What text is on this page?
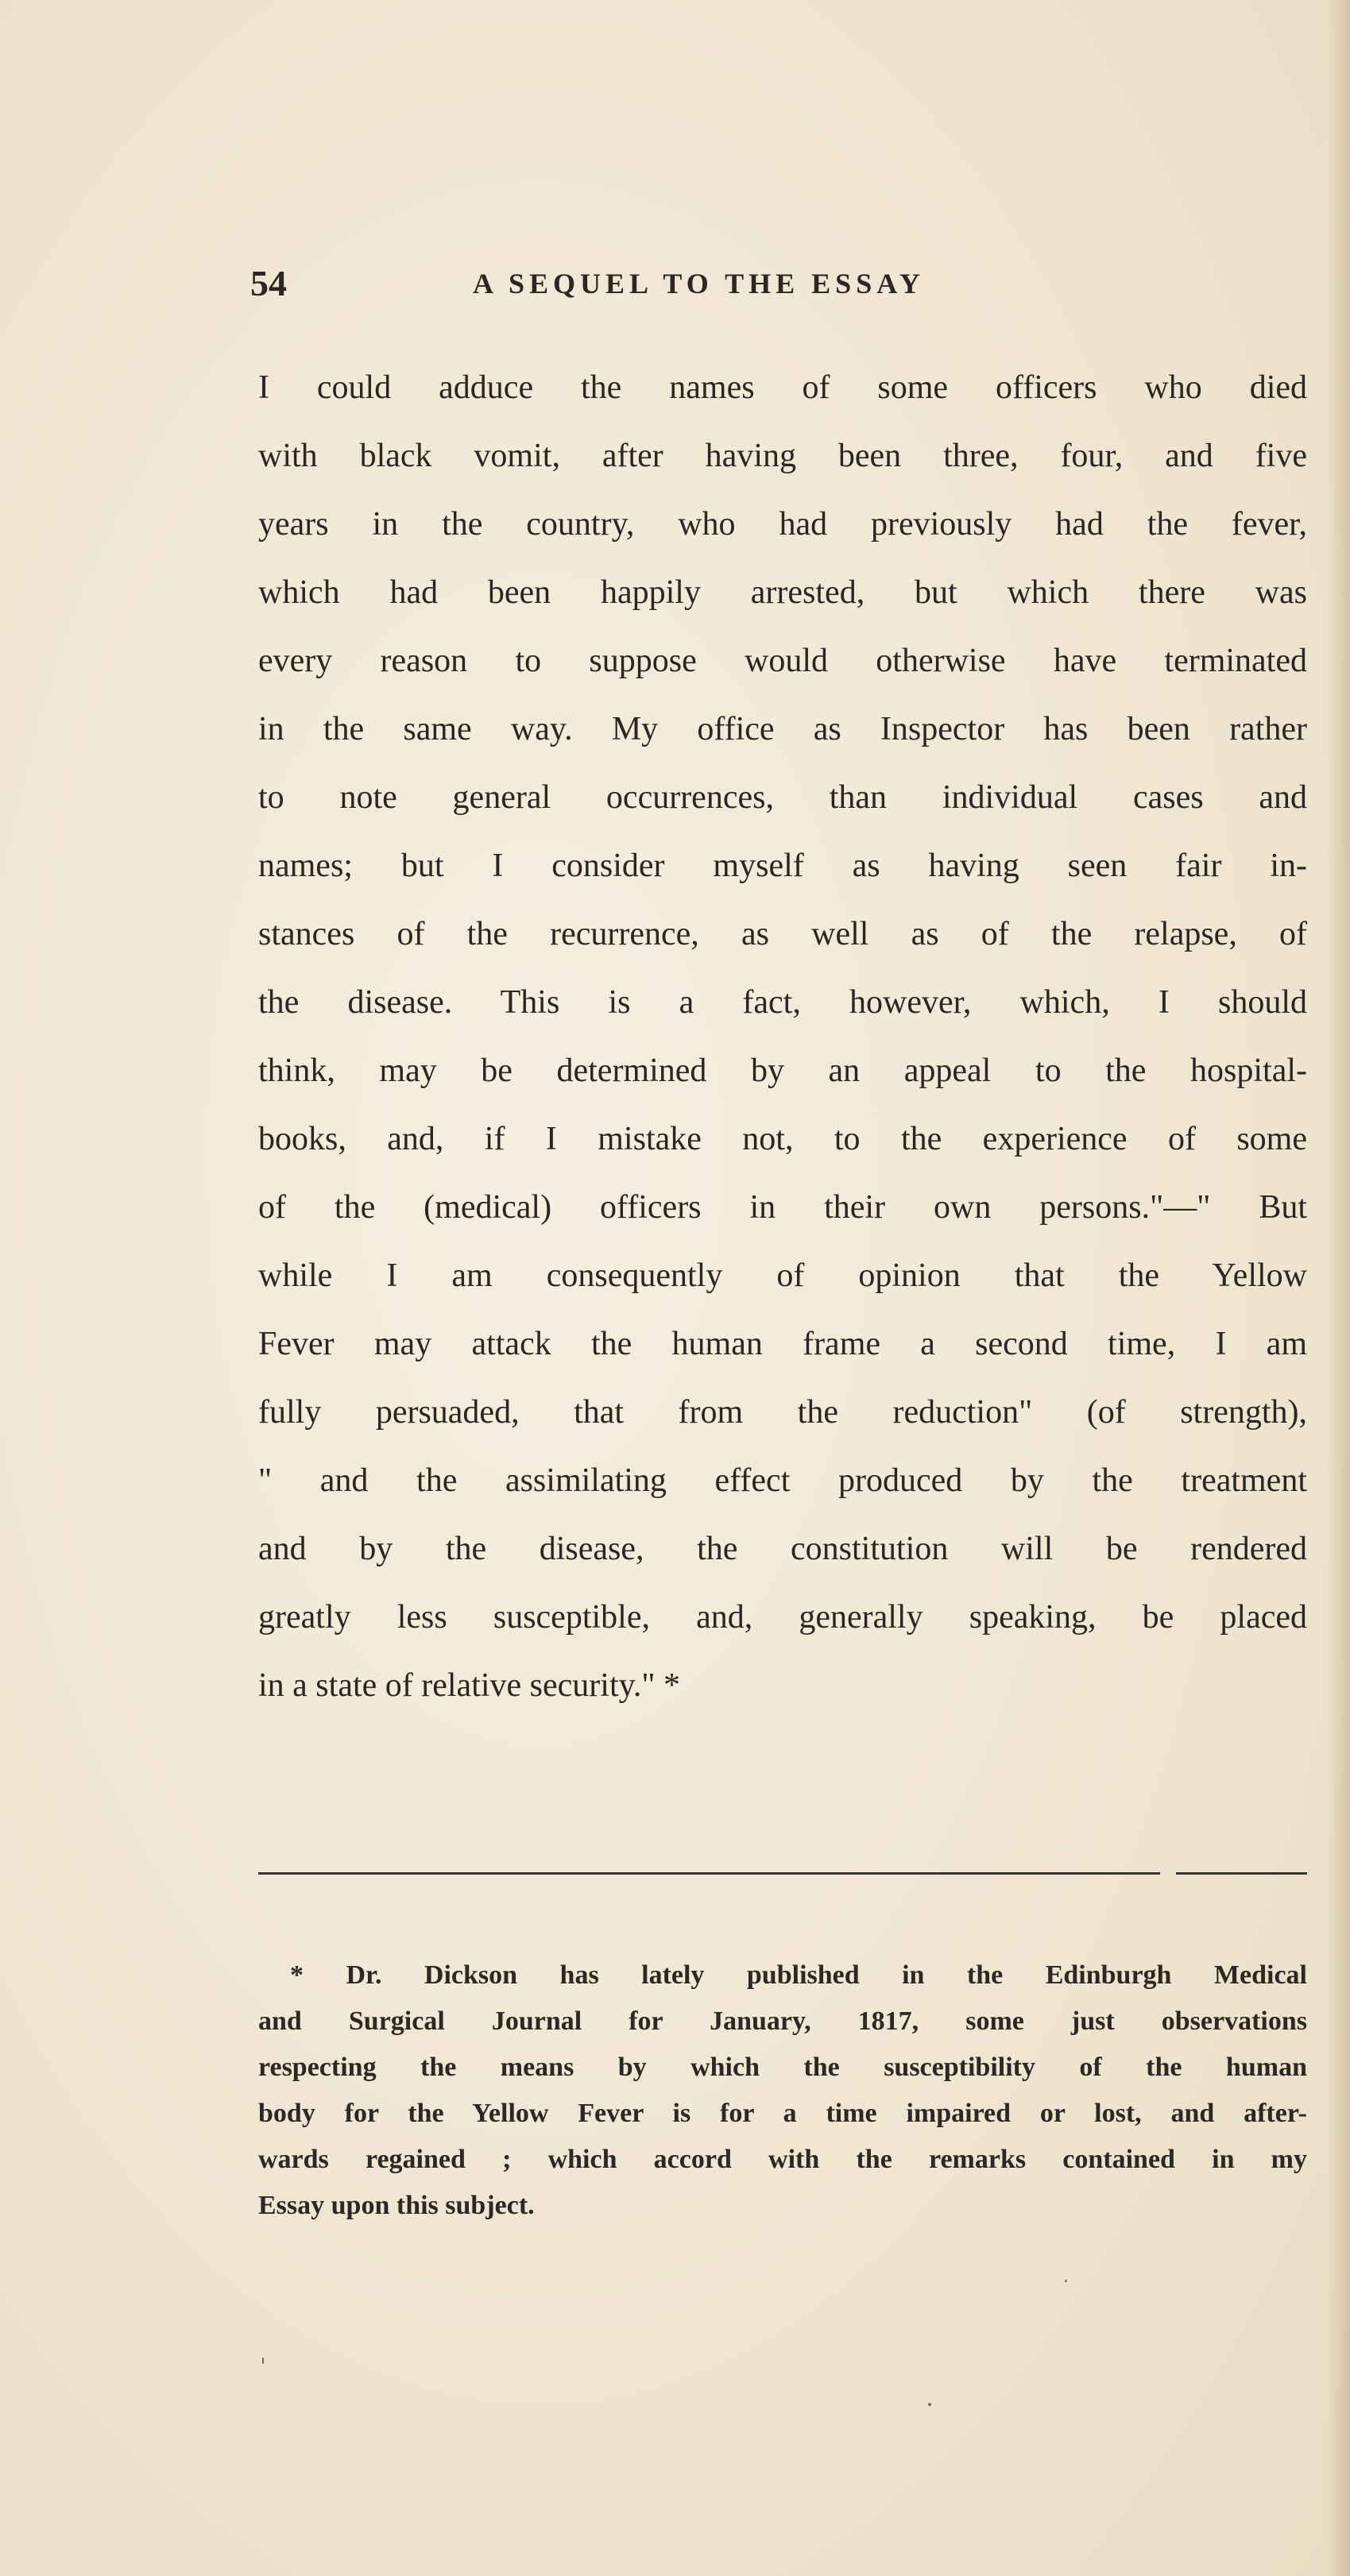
54	A SEQUEL TO THE ESSAY
I could adduce the names of some officers who died
with black vomit, after having been three, four, and five
years in the country, who had previously had the fever,
which had been happily arrested, but which there was
every reason to suppose would otherwise have terminated
in the same way. My office as Inspector has been rather
to note general occurrences, than individual cases and
names; but I consider myself as having seen fair in-
stances of the recurrence, as well as of the relapse, of
the disease. This is a fact, however, which, I should
think, may be determined by an appeal to the hospital-
books, and, if I mistake not, to the experience of some
of the (medical) officers in their own persons."—" But
while I am consequently of opinion that the Yellow
Fever may attack the human frame a second time, I am
fully persuaded, that from the reduction" (of strength),
" and the assimilating effect produced by the treatment
and by the disease, the constitution will be rendered
greatly less susceptible, and, generally speaking, be placed
in a state of relative security." *
* Dr. Dickson has lately published in the Edinburgh Medical
and Surgical Journal for January, 1817, some just observations
respecting the means by which the susceptibility of the human
body for the Yellow Fever is for a time impaired or lost, and after-
wards regained ; which accord with the remarks contained in my
Essay upon this subject.
